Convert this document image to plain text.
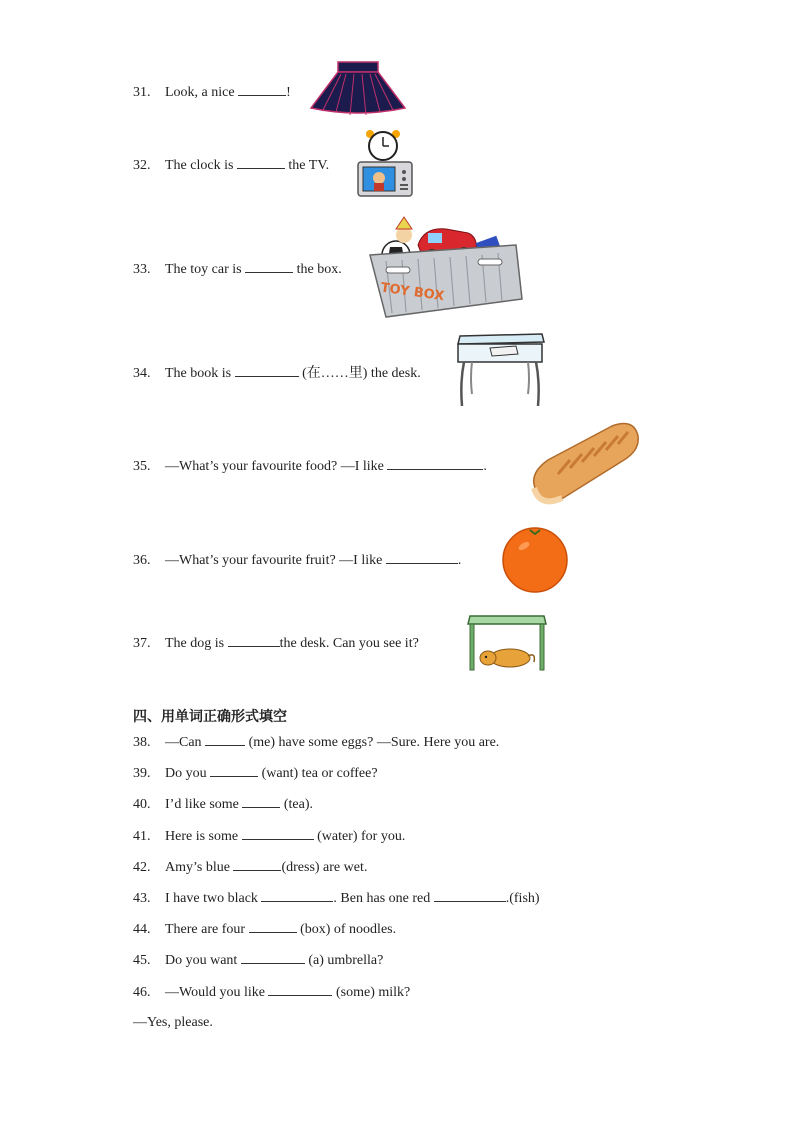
31. Look, a nice	!
32. The clock is	the TV.
33. The toy car is	the box.
TOY BOX
34. The book is	(在……里) the desk.
35. —What’s your favourite food? —I like	.
36. —What’s your favourite fruit? —I like	.
37. The dog is	the desk. Can you see it?
四、用单词正确形式填空
38. —Can	(me) have some eggs? —Sure. Here you are.
39. Do you	(want) tea or coffee?
40. I’d like some	(tea).
41. Here is some	(water) for you.
42. Amy’s blue	(dress) are wet.
43. I have two black	. Ben has one red	.(fish)
44. There are four	(box) of noodles.
45. Do you want	(a) umbrella?
46. —Would you like	(some) milk?
—Yes, please.
